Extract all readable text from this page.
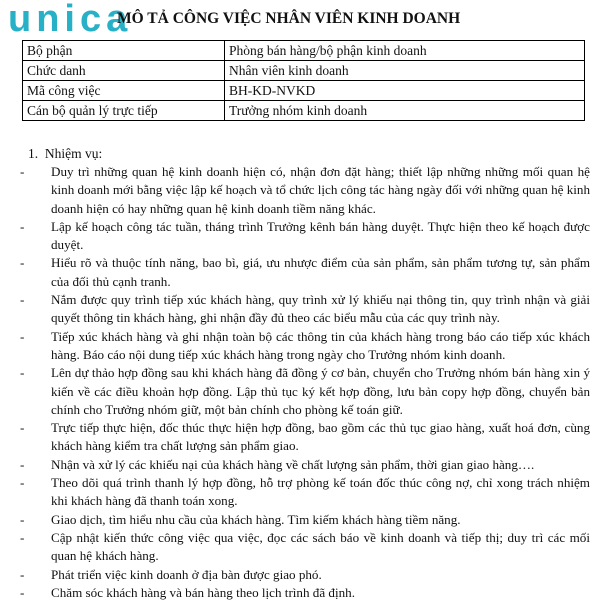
unica
MÔ TẢ CÔNG VIỆC NHÂN VIÊN KINH DOANH
Bộ phận	Phòng bán hàng/bộ phận kinh doanh
Chức danh	Nhân viên kinh doanh
Mã công việc	BH-KD-NVKD
Cán bộ quản lý trực tiếp	Trưởng nhóm kinh doanh
1. Nhiệm vụ:
- Duy trì những quan hệ kinh doanh hiện có, nhận đơn đặt hàng; thiết lập những những mối quan hệ kinh doanh mới bằng việc lập kế hoạch và tổ chức lịch công tác hàng ngày đối với những quan hệ kinh doanh hiện có hay những quan hệ kinh doanh tiềm năng khác.
- Lập kế hoạch công tác tuần, tháng trình Trưởng kênh bán hàng duyệt. Thực hiện theo kế hoạch được duyệt.
- Hiểu rõ và thuộc tính năng, bao bì, giá, ưu nhược điểm của sản phẩm, sản phẩm tương tự, sản phẩm của đối thủ cạnh tranh.
- Nắm được quy trình tiếp xúc khách hàng, quy trình xử lý khiếu nại thông tin, quy trình nhận và giải quyết thông tin khách hàng, ghi nhận đầy đủ theo các biểu mẫu của các quy trình này.
- Tiếp xúc khách hàng và ghi nhận toàn bộ các thông tin của khách hàng trong báo cáo tiếp xúc khách hàng. Báo cáo nội dung tiếp xúc khách hàng trong ngày cho Trưởng nhóm kinh doanh.
- Lên dự thảo hợp đồng sau khi khách hàng đã đồng ý cơ bản, chuyển cho Trưởng nhóm bán hàng xin ý kiến về các điều khoản hợp đồng. Lập thủ tục ký kết hợp đồng, lưu bản copy hợp đồng, chuyển bản chính cho Trưởng nhóm giữ, một bản chính cho phòng kế toán giữ.
- Trực tiếp thực hiện, đốc thúc thực hiện hợp đồng, bao gồm các thủ tục giao hàng, xuất hoá đơn, cùng khách hàng kiểm tra chất lượng sản phẩm giao.
- Nhận và xử lý các khiếu nại của khách hàng về chất lượng sản phẩm, thời gian giao hàng….
- Theo dõi quá trình thanh lý hợp đồng, hỗ trợ phòng kế toán đốc thúc công nợ, chỉ xong trách nhiệm khi khách hàng đã thanh toán xong.
- Giao dịch, tìm hiểu nhu cầu của khách hàng. Tìm kiếm khách hàng tiềm năng.
- Cập nhật kiến thức công việc qua việc, đọc các sách báo về kinh doanh và tiếp thị; duy trì các mối quan hệ khách hàng.
- Phát triển việc kinh doanh ở địa bàn được giao phó.
- Chăm sóc khách hàng và bán hàng theo lịch trình đã định.
